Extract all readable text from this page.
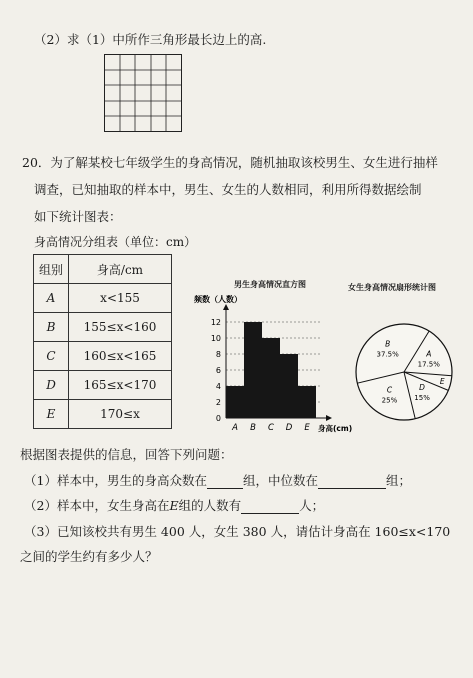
（2）求（1）中所作三角形最长边上的高.
20．为了解某校七年级学生的身高情况，随机抽取该校男生、女生进行抽样
调查，已知抽取的样本中，男生、女生的人数相同，利用所得数据绘制
如下统计图表：
身高情况分组表（单位：cm）
组别	身高/cm
A	x<155
B	155≤x<160
C	160≤x<165
D	165≤x<170
E	170≤x
男生身高情况直方图	女生身高情况扇形统计图
频数（人数）
0
2
4
6
8
10
12
A B C D E 身高(cm)
A
17.5%
E
D
15%
C
25%
B
37.5%
根据图表提供的信息，回答下列问题：
（1）样本中，男生的身高众数在	组，中位数在	组；
（2）样本中，女生身高在E组的人数有	人；
（3）已知该校共有男生 400 人，女生 380 人，请估计身高在 160≤x<170
之间的学生约有多少人？
